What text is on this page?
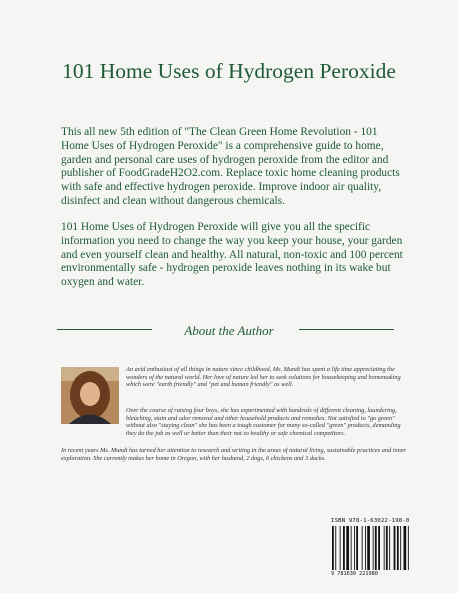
101 Home Uses of Hydrogen Peroxide

This all new 5th edition of "The Clean Green Home Revolution - 101 Home Uses of Hydrogen Peroxide" is a comprehensive guide to home, garden and personal care uses of hydrogen peroxide from the editor and publisher of FoodGradeH2O2.com. Replace toxic home cleaning products with safe and effective hydrogen peroxide. Improve indoor air quality, disinfect and clean without dangerous chemicals.

101 Home Uses of Hydrogen Peroxide will give you all the specific information you need to change the way you keep your house, your garden and even yourself clean and healthy. All natural, non-toxic and 100 percent environmentally safe - hydrogen peroxide leaves nothing in its wake but oxygen and water.

About the Author

An avid enthusiast of all things in nature since childhood, Ms. Mundt has spent a life time appreciating the wonders of the natural world. Her love of nature led her to seek solutions for housekeeping and homemaking which were "earth friendly" and "pet and human friendly" as well.

Over the course of raising four boys, she has experimented with hundreds of different cleaning, laundering, bleaching, stain and odor removal and other household products and remedies. Not satisfied to "go green" without also "staying clean" she has been a tough customer for many so-called "green" products, demanding they do the job as well or better than their not so healthy or safe chemical competitors.

In recent years Ms. Mundt has turned her attention to research and writing in the areas of natural living, sustainable practices and inner exploration. She currently makes her home in Oregon, with her husband, 2 dogs, 6 chickens and 3 ducks.

ISBN 978-1-63022-198-0
9 781630 221980
